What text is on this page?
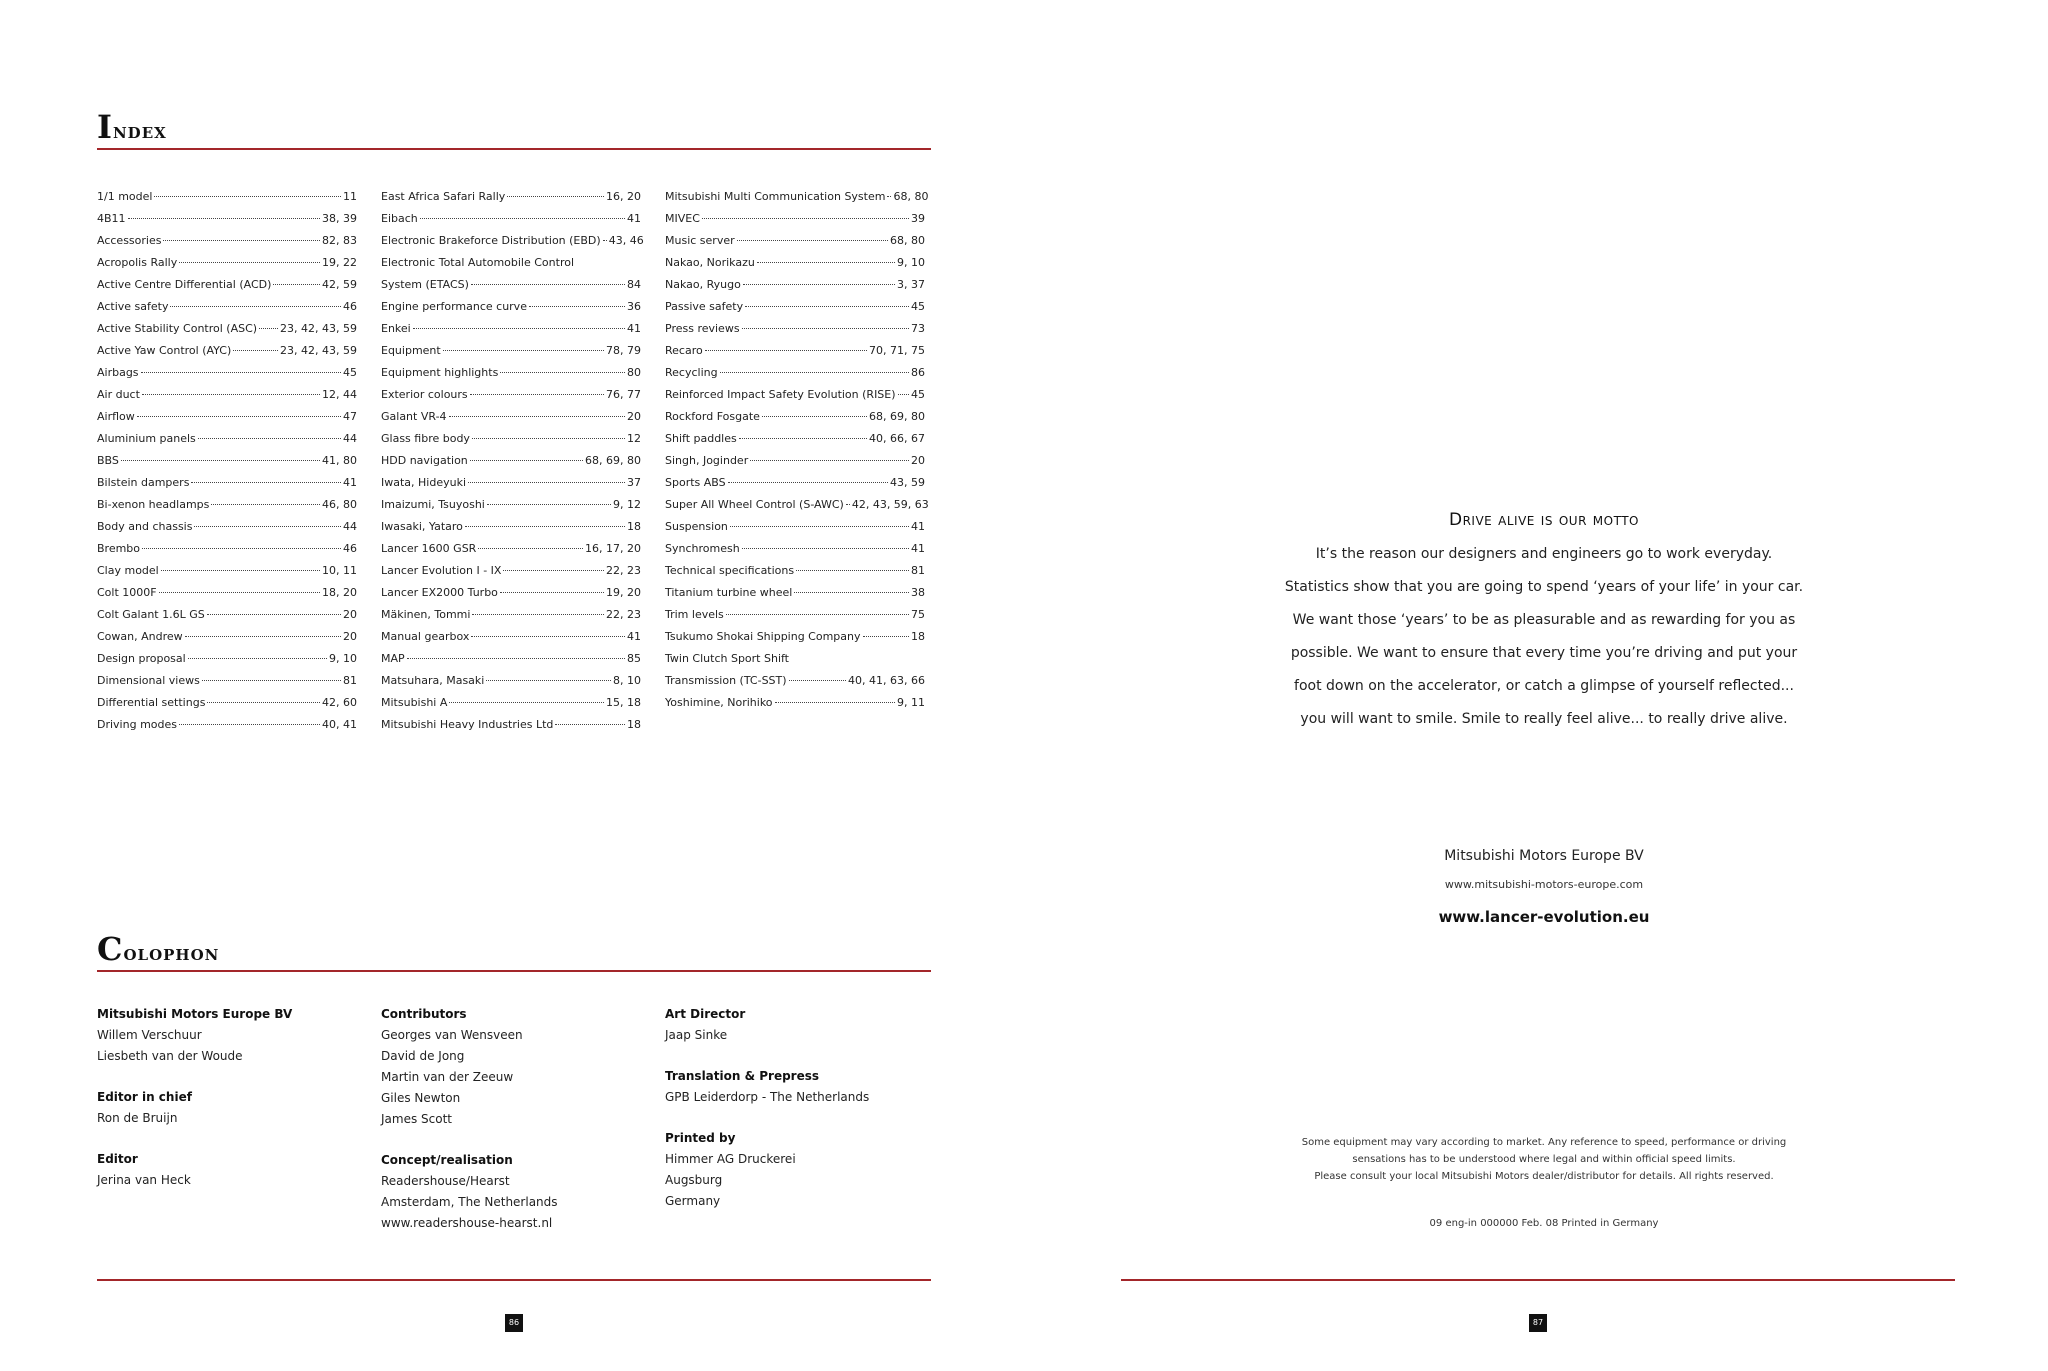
Index
1/1 model	11
4B11	38, 39
Accessories	82, 83
Acropolis Rally	19, 22
Active Centre Differential (ACD)	42, 59
Active safety	46
Active Stability Control (ASC) 23, 42, 43, 59
Active Yaw Control (AYC)	23, 42, 43, 59
Airbags	45
Air duct	12, 44
Airflow	47
Aluminium panels	44
BBS	41, 80
Bilstein dampers	41
Bi-xenon headlamps	46, 80
Body and chassis	44
Brembo	46
Clay model	10, 11
Colt 1000F	18, 20
Colt Galant 1.6L GS	20
Cowan, Andrew	20
Design proposal	9, 10
Dimensional views	81
Differential settings	42, 60
Driving modes	40, 41
East Africa Safari Rally	16, 20
Eibach	41
Electronic Brakeforce Distribution (EBD) 43, 46
Electronic Total Automobile Control
System (ETACS)	84
Engine performance curve	36
Enkei	41
Equipment	78, 79
Equipment highlights	80
Exterior colours	76, 77
Galant VR-4	20
Glass fibre body	12
HDD navigation	68, 69, 80
Iwata, Hideyuki	37
Imaizumi, Tsuyoshi	9, 12
Iwasaki, Yataro	18
Lancer 1600 GSR	16, 17, 20
Lancer Evolution I - IX	22, 23
Lancer EX2000 Turbo	19, 20
Mäkinen, Tommi	22, 23
Manual gearbox	41
MAP	85
Matsuhara, Masaki	8, 10
Mitsubishi A	15, 18
Mitsubishi Heavy Industries Ltd	18
Mitsubishi Multi Communication System 68, 80
MIVEC	39
Music server	68, 80
Nakao, Norikazu	9, 10
Nakao, Ryugo	3, 37
Passive safety	45
Press reviews	73
Recaro	70, 71, 75
Recycling	86
Reinforced Impact Safety Evolution (RISE) 45
Rockford Fosgate	68, 69, 80
Shift paddles	40, 66, 67
Singh, Joginder	20
Sports ABS	43, 59
Super All Wheel Control (S-AWC) 42, 43, 59, 63
Suspension	41
Synchromesh	41
Technical specifications	81
Titanium turbine wheel	38
Trim levels	75
Tsukumo Shokai Shipping Company	18
Twin Clutch Sport Shift
Transmission (TC-SST)	40, 41, 63, 66
Yoshimine, Norihiko	9, 11
Colophon
Mitsubishi Motors Europe BV
Willem Verschuur
Liesbeth van der Woude
Editor in chief
Ron de Bruijn
Editor
Jerina van Heck
Contributors
Georges van Wensveen
David de Jong
Martin van der Zeeuw
Giles Newton
James Scott
Concept/realisation
Readershouse/Hearst
Amsterdam, The Netherlands
www.readershouse-hearst.nl
Art Director
Jaap Sinke
Translation & Prepress
GPB Leiderdorp - The Netherlands
Printed by
Himmer AG Druckerei
Augsburg
Germany
86
Drive alive is our motto
It’s the reason our designers and engineers go to work everyday.
Statistics show that you are going to spend ‘years of your life’ in your car.
We want those ‘years’ to be as pleasurable and as rewarding for you as
possible. We want to ensure that every time you’re driving and put your
foot down on the accelerator, or catch a glimpse of yourself reflected...
you will want to smile. Smile to really feel alive... to really drive alive.
Mitsubishi Motors Europe BV
www.mitsubishi-motors-europe.com
www.lancer-evolution.eu
Some equipment may vary according to market. Any reference to speed, performance or driving
sensations has to be understood where legal and within official speed limits.
Please consult your local Mitsubishi Motors dealer/distributor for details. All rights reserved.
09 eng-in 000000 Feb. 08 Printed in Germany
87
